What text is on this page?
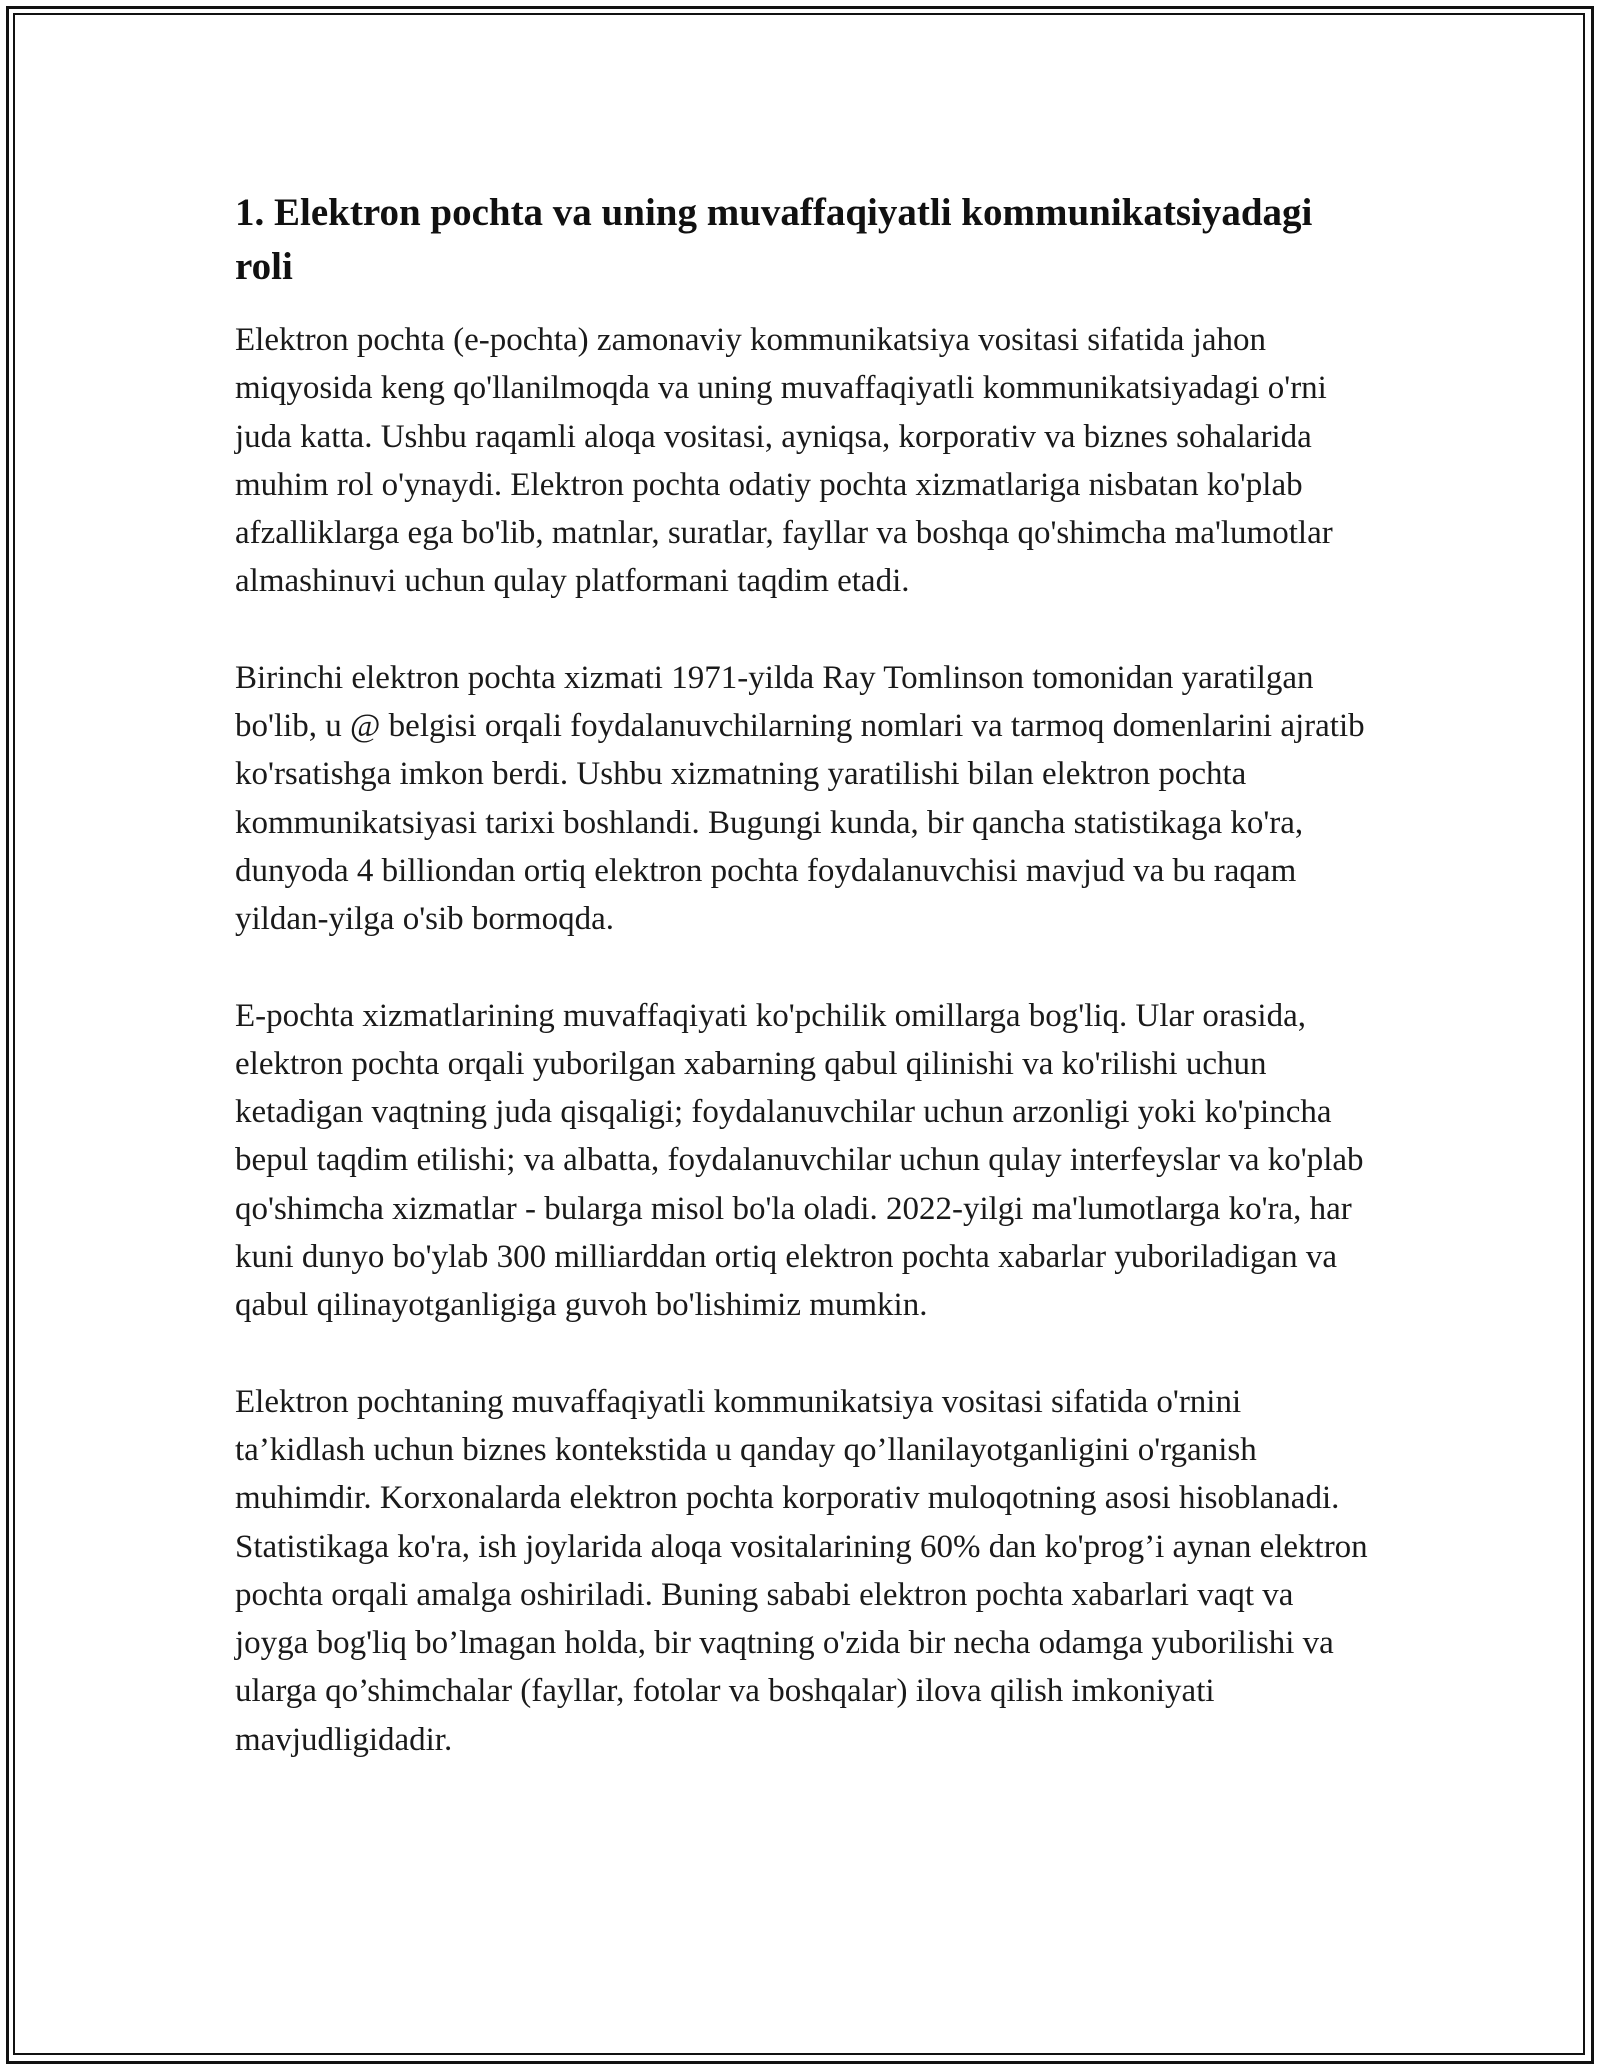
1. Elektron pochta va uning muvaffaqiyatli kommunikatsiyadagi roli

Elektron pochta (e-pochta) zamonaviy kommunikatsiya vositasi sifatida jahon miqyosida keng qo'llanilmoqda va uning muvaffaqiyatli kommunikatsiyadagi o'rni juda katta. Ushbu raqamli aloqa vositasi, ayniqsa, korporativ va biznes sohalarida muhim rol o'ynaydi. Elektron pochta odatiy pochta xizmatlariga nisbatan ko'plab afzalliklarga ega bo'lib, matnlar, suratlar, fayllar va boshqa qo'shimcha ma'lumotlar almashinuvi uchun qulay platformani taqdim etadi.

Birinchi elektron pochta xizmati 1971-yilda Ray Tomlinson tomonidan yaratilgan bo'lib, u @ belgisi orqali foydalanuvchilarning nomlari va tarmoq domenlarini ajratib ko'rsatishga imkon berdi. Ushbu xizmatning yaratilishi bilan elektron pochta kommunikatsiyasi tarixi boshlandi. Bugungi kunda, bir qancha statistikaga ko'ra, dunyoda 4 billiondan ortiq elektron pochta foydalanuvchisi mavjud va bu raqam yildan-yilga o'sib bormoqda.

E-pochta xizmatlarining muvaffaqiyati ko'pchilik omillarga bog'liq. Ular orasida, elektron pochta orqali yuborilgan xabarning qabul qilinishi va ko'rilishi uchun ketadigan vaqtning juda qisqaligi; foydalanuvchilar uchun arzonligi yoki ko'pincha bepul taqdim etilishi; va albatta, foydalanuvchilar uchun qulay interfeyslar va ko'plab qo'shimcha xizmatlar - bularga misol bo'la oladi. 2022-yilgi ma'lumotlarga ko'ra, har kuni dunyo bo'ylab 300 milliarddan ortiq elektron pochta xabarlar yuboriladigan va qabul qilinayotganligiga guvoh bo'lishimiz mumkin.

Elektron pochtaning muvaffaqiyatli kommunikatsiya vositasi sifatida o'rnini ta’kidlash uchun biznes kontekstida u qanday qo’llanilayotganligini o'rganish muhimdir. Korxonalarda elektron pochta korporativ muloqotning asosi hisoblanadi. Statistikaga ko'ra, ish joylarida aloqa vositalarining 60% dan ko'prog’i aynan elektron pochta orqali amalga oshiriladi. Buning sababi elektron pochta xabarlari vaqt va joyga bog'liq bo’lmagan holda, bir vaqtning o'zida bir necha odamga yuborilishi va ularga qo’shimchalar (fayllar, fotolar va boshqalar) ilova qilish imkoniyati mavjudligidadir.
